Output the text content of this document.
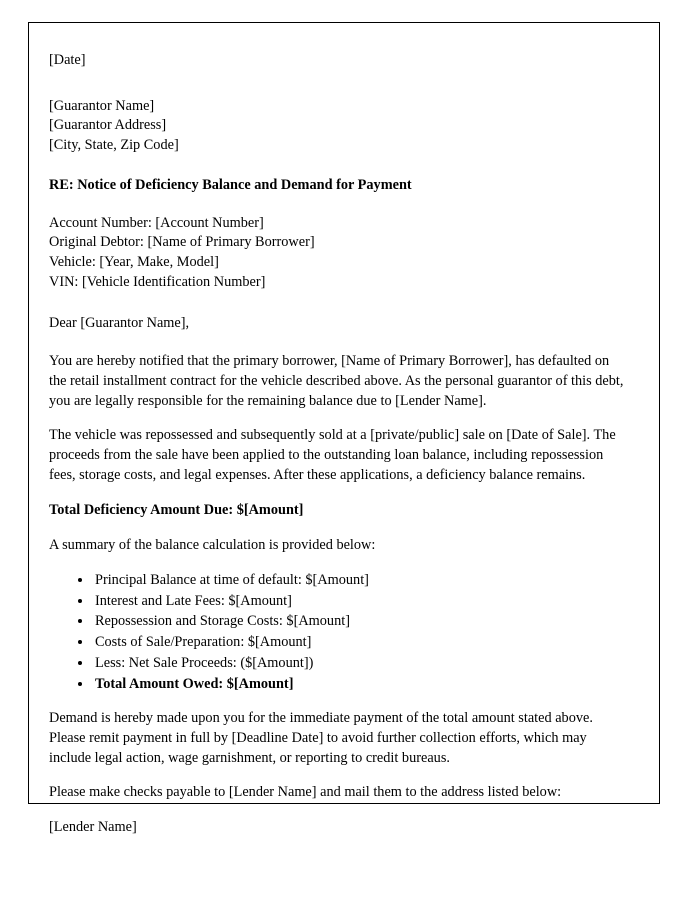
[Date]

[Guarantor Name]
[Guarantor Address]
[City, State, Zip Code]

RE: Notice of Deficiency Balance and Demand for Payment

Account Number: [Account Number]
Original Debtor: [Name of Primary Borrower]
Vehicle: [Year, Make, Model]
VIN: [Vehicle Identification Number]

Dear [Guarantor Name],

You are hereby notified that the primary borrower, [Name of Primary Borrower], has defaulted on the retail installment contract for the vehicle described above. As the personal guarantor of this debt, you are legally responsible for the remaining balance due to [Lender Name].

The vehicle was repossessed and subsequently sold at a [private/public] sale on [Date of Sale]. The proceeds from the sale have been applied to the outstanding loan balance, including repossession fees, storage costs, and legal expenses. After these applications, a deficiency balance remains.

Total Deficiency Amount Due: $[Amount]

A summary of the balance calculation is provided below:

• Principal Balance at time of default: $[Amount]
• Interest and Late Fees: $[Amount]
• Repossession and Storage Costs: $[Amount]
• Costs of Sale/Preparation: $[Amount]
• Less: Net Sale Proceeds: ($[Amount])
• Total Amount Owed: $[Amount]

Demand is hereby made upon you for the immediate payment of the total amount stated above. Please remit payment in full by [Deadline Date] to avoid further collection efforts, which may include legal action, wage garnishment, or reporting to credit bureaus.

Please make checks payable to [Lender Name] and mail them to the address listed below:

[Lender Name]
